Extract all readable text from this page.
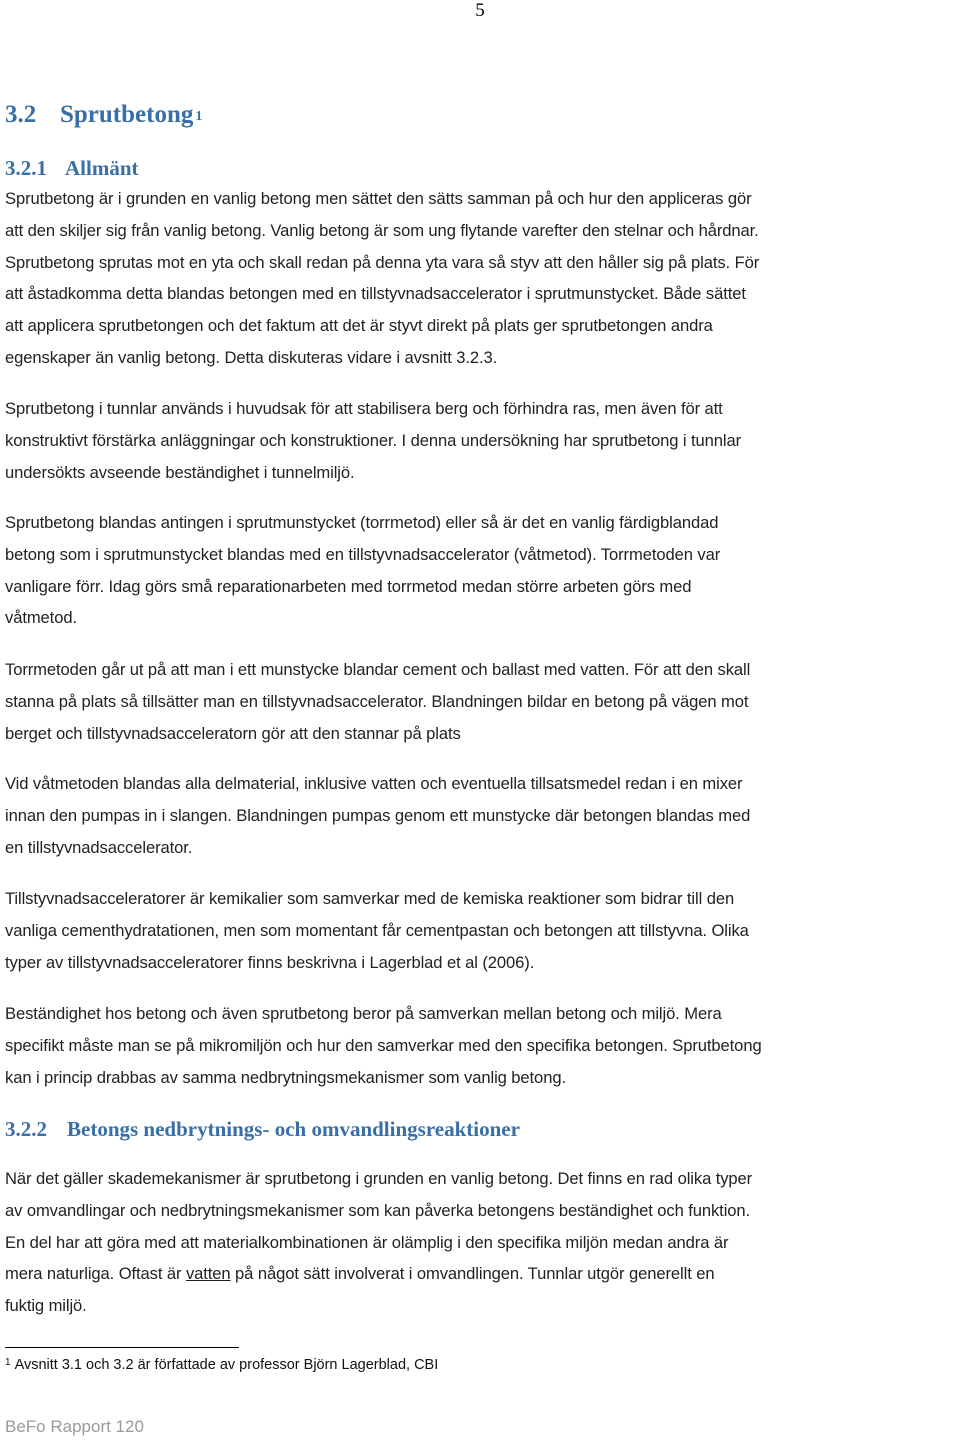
5
3.2 Sprutbetong $^1$
3.2.1 Allmänt
Sprutbetong är i grunden en vanlig betong men sättet den sätts samman på och hur den appliceras gör
att den skiljer sig från vanlig betong. Vanlig betong är som ung flytande varefter den stelnar och hårdnar.
Sprutbetong sprutas mot en yta och skall redan på denna yta vara så styv att den håller sig på plats. För
att åstadkomma detta blandas betongen med en tillstyvnadsaccelerator i sprutmunstycket. Både sättet
att applicera sprutbetongen och det faktum att det är styvt direkt på plats ger sprutbetongen andra
egenskaper än vanlig betong. Detta diskuteras vidare i avsnitt 3.2.3.
Sprutbetong i tunnlar används i huvudsak för att stabilisera berg och förhindra ras, men även för att
konstruktivt förstärka anläggningar och konstruktioner. I denna undersökning har sprutbetong i tunnlar
undersökts avseende beständighet i tunnelmiljö.
Sprutbetong blandas antingen i sprutmunstycket (torrmetod) eller så är det en vanlig färdigblandad
betong som i sprutmunstycket blandas med en tillstyvnadsaccelerator (våtmetod). Torrmetoden var
vanligare förr. Idag görs små reparationarbeten med torrmetod medan större arbeten görs med
våtmetod.
Torrmetoden går ut på att man i ett munstycke blandar cement och ballast med vatten. För att den skall
stanna på plats så tillsätter man en tillstyvnadsaccelerator. Blandningen bildar en betong på vägen mot
berget och tillstyvnadsacceleratorn gör att den stannar på plats
Vid våtmetoden blandas alla delmaterial, inklusive vatten och eventuella tillsatsmedel redan i en mixer
innan den pumpas in i slangen. Blandningen pumpas genom ett munstycke där betongen blandas med
en tillstyvnadsaccelerator.
Tillstyvnadsacceleratorer är kemikalier som samverkar med de kemiska reaktioner som bidrar till den
vanliga cementhydratationen, men som momentant får cementpastan och betongen att tillstyvna. Olika
typer av tillstyvnadsacceleratorer finns beskrivna i Lagerblad et al (2006).
Beständighet hos betong och även sprutbetong beror på samverkan mellan betong och miljö. Mera
specifikt måste man se på mikromiljön och hur den samverkar med den specifika betongen. Sprutbetong
kan i princip drabbas av samma nedbrytningsmekanismer som vanlig betong.
3.2.2 Betongs nedbrytnings- och omvandlingsreaktioner
När det gäller skademekanismer är sprutbetong i grunden en vanlig betong. Det finns en rad olika typer
av omvandlingar och nedbrytningsmekanismer som kan påverka betongens beständighet och funktion.
En del har att göra med att materialkombinationen är olämplig i den specifika miljön medan andra är
mera naturliga. Oftast är vatten på något sätt involverat i omvandlingen. Tunnlar utgör generellt en
fuktig miljö.
$^1$ Avsnitt 3.1 och 3.2 är författade av professor Björn Lagerblad, CBI
BeFo Rapport 120
